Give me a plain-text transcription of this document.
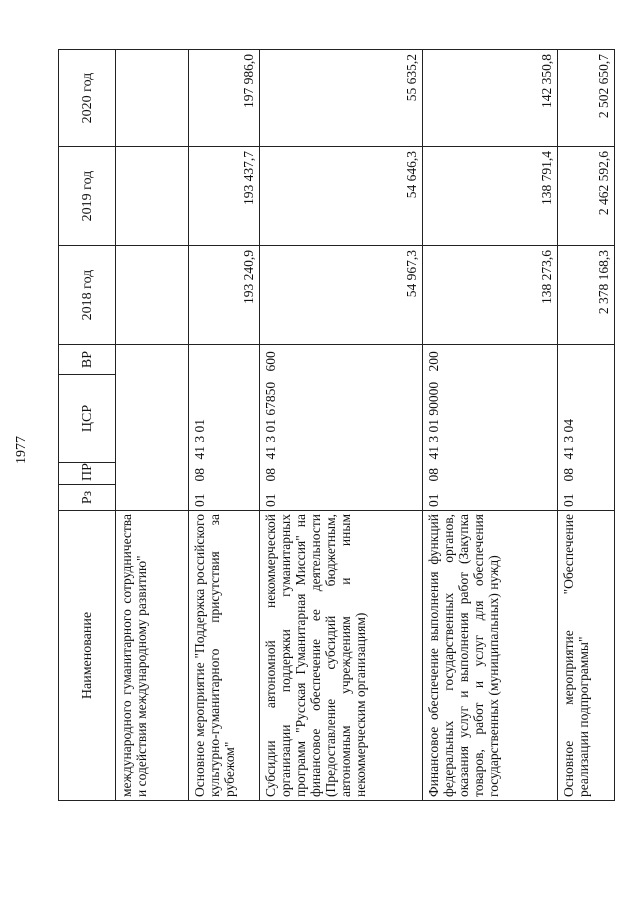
1977
Наименование	Рз	ПР	ЦСР	ВР	2018 год	2019 год	2020 год
международного гуманитарного сотрудничества и содействия международному развитию"							
Основное мероприятие "Поддержка российского культурно-гуманитарного присутствия за рубежом"	01	08	41 3 01		193 240,9	193 437,7	197 986,0
Субсидии автономной некоммерческой организации поддержки гуманитарных программ "Русская Гуманитарная Миссия" на финансовое обеспечение ее деятельности (Предоставление субсидий бюджетным, автономным учреждениям и иным некоммерческим организациям)	01	08	41 3 01 67850	600	54 967,3	54 646,3	55 635,2
Финансовое обеспечение выполнения функций федеральных государственных органов, оказания услуг и выполнения работ (Закупка товаров, работ и услуг для обеспечения государственных (муниципальных) нужд)	01	08	41 3 01 90000	200	138 273,6	138 791,4	142 350,8
Основное мероприятие "Обеспечение реализации подпрограммы"	01	08	41 3 04		2 378 168,3	2 462 592,6	2 502 650,7
